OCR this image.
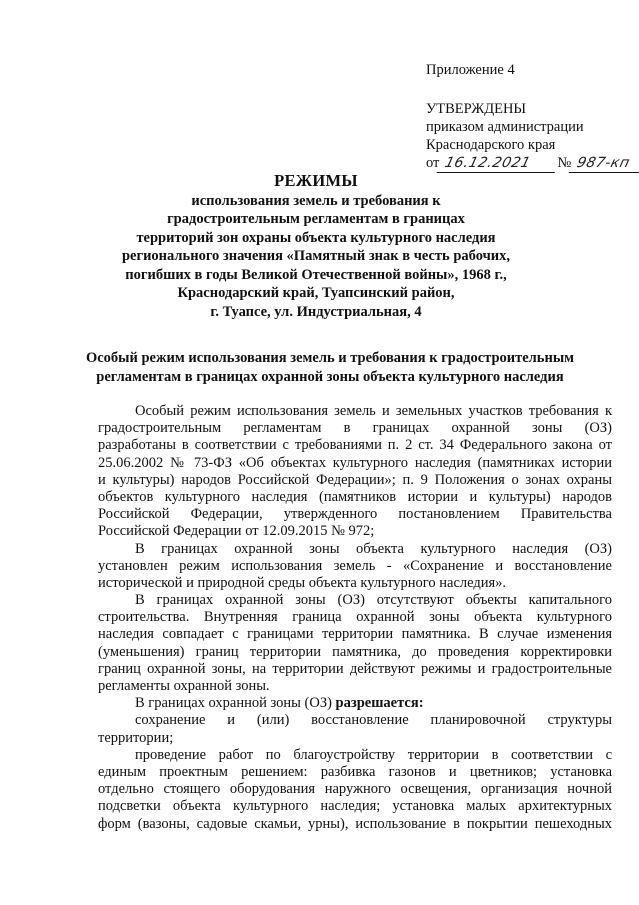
Приложение 4
УТВЕРЖДЕНЫ
приказом администрации
Краснодарского края
от 16.12.2021 № 987-кп
РЕЖИМЫ
использования земель и требования к
градостроительным регламентам в границах
территорий зон охраны объекта культурного наследия
регионального значения «Памятный знак в честь рабочих,
погибших в годы Великой Отечественной войны», 1968 г.,
Краснодарский край, Туапсинский район,
г. Туапсе, ул. Индустриальная, 4
Особый режим использования земель и требования к градостроительным
регламентам в границах охранной зоны объекта культурного наследия
Особый режим использования земель и земельных участков требования к
градостроительным регламентам в границах охранной зоны (ОЗ)
разработаны в соответствии с требованиями п. 2 ст. 34 Федерального закона от
25.06.2002 № 73-ФЗ «Об объектах культурного наследия (памятниках истории
и культуры) народов Российской Федерации»; п. 9 Положения о зонах охраны
объектов культурного наследия (памятников истории и культуры) народов
Российской Федерации, утвержденного постановлением Правительства
Российской Федерации от 12.09.2015 № 972;
В границах охранной зоны объекта культурного наследия (ОЗ)
установлен режим использования земель - «Сохранение и восстановление
исторической и природной среды объекта культурного наследия».
В границах охранной зоны (ОЗ) отсутствуют объекты капитального
строительства. Внутренняя граница охранной зоны объекта культурного
наследия совпадает с границами территории памятника. В случае изменения
(уменьшения) границ территории памятника, до проведения корректировки
границ охранной зоны, на территории действуют режимы и градостроительные
регламенты охранной зоны.
В границах охранной зоны (ОЗ) разрешается:
сохранение и (или) восстановление планировочной структуры
территории;
проведение работ по благоустройству территории в соответствии с
единым проектным решением: разбивка газонов и цветников; установка
отдельно стоящего оборудования наружного освещения, организация ночной
подсветки объекта культурного наследия; установка малых архитектурных
форм (вазоны, садовые скамьи, урны), использование в покрытии пешеходных
